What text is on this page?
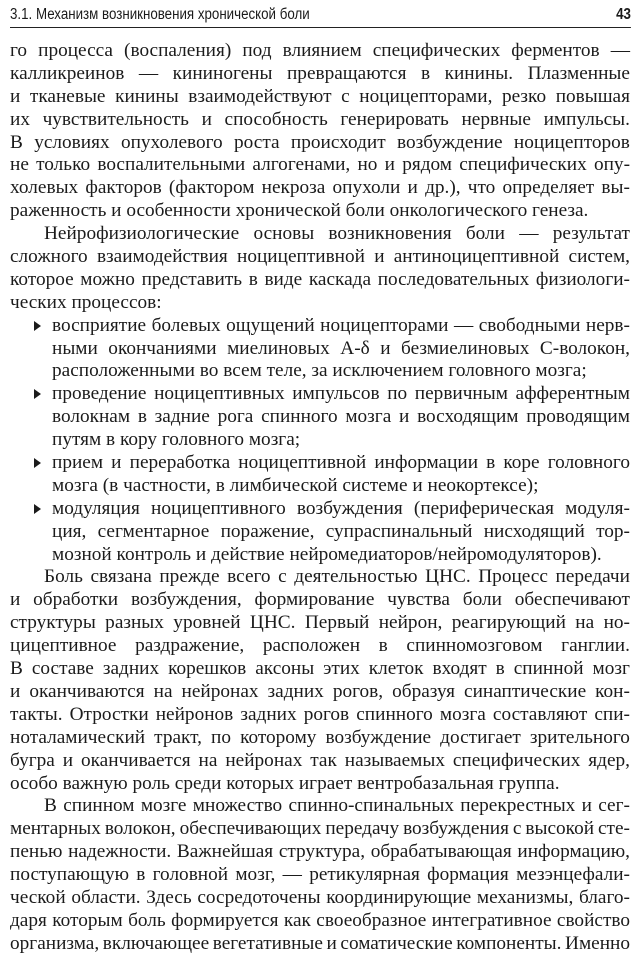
3.1. Механизм возникновения хронической боли	43
го процесса (воспаления) под влиянием специфических ферментов —
калликреинов — кининогены превращаются в кинины. Плазменные
и тканевые кинины взаимодействуют с ноцицепторами, резко повышая
их чувствительность и способность генерировать нервные импульсы.
В условиях опухолевого роста происходит возбуждение ноцицепторов
не только воспалительными алгогенами, но и рядом специфических опу-
холевых факторов (фактором некроза опухоли и др.), что определяет вы-
раженность и особенности хронической боли онкологического генеза.
Нейрофизиологические основы возникновения боли — результат
сложного взаимодействия ноцицептивной и антиноцицептивной систем,
которое можно представить в виде каскада последовательных физиологи-
ческих процессов:
восприятие болевых ощущений ноцицепторами — свободными нерв-
ными окончаниями миелиновых A-δ и безмиелиновых C-волокон,
расположенными во всем теле, за исключением головного мозга;
проведение ноцицептивных импульсов по первичным афферентным
волокнам в задние рога спинного мозга и восходящим проводящим
путям в кору головного мозга;
прием и переработка ноцицептивной информации в коре головного
мозга (в частности, в лимбической системе и неокортексе);
модуляция ноцицептивного возбуждения (периферическая модуля-
ция, сегментарное поражение, супраспинальный нисходящий тор-
мозной контроль и действие нейромедиаторов/нейромодуляторов).
Боль связана прежде всего с деятельностью ЦНС. Процесс передачи
и обработки возбуждения, формирование чувства боли обеспечивают
структуры разных уровней ЦНС. Первый нейрон, реагирующий на но-
цицептивное раздражение, расположен в спинномозговом ганглии.
В составе задних корешков аксоны этих клеток входят в спинной мозг
и оканчиваются на нейронах задних рогов, образуя синаптические кон-
такты. Отростки нейронов задних рогов спинного мозга составляют спи-
ноталамический тракт, по которому возбуждение достигает зрительного
бугра и оканчивается на нейронах так называемых специфических ядер,
особо важную роль среди которых играет вентробазальная группа.
В спинном мозге множество спинно-спинальных перекрестных и сег-
ментарных волокон, обеспечивающих передачу возбуждения с высокой сте-
пенью надежности. Важнейшая структура, обрабатывающая информацию,
поступающую в головной мозг, — ретикулярная формация мезэнцефали-
ческой области. Здесь сосредоточены координирующие механизмы, благо-
даря которым боль формируется как своеобразное интегративное свойство
организма, включающее вегетативные и соматические компоненты. Именно
